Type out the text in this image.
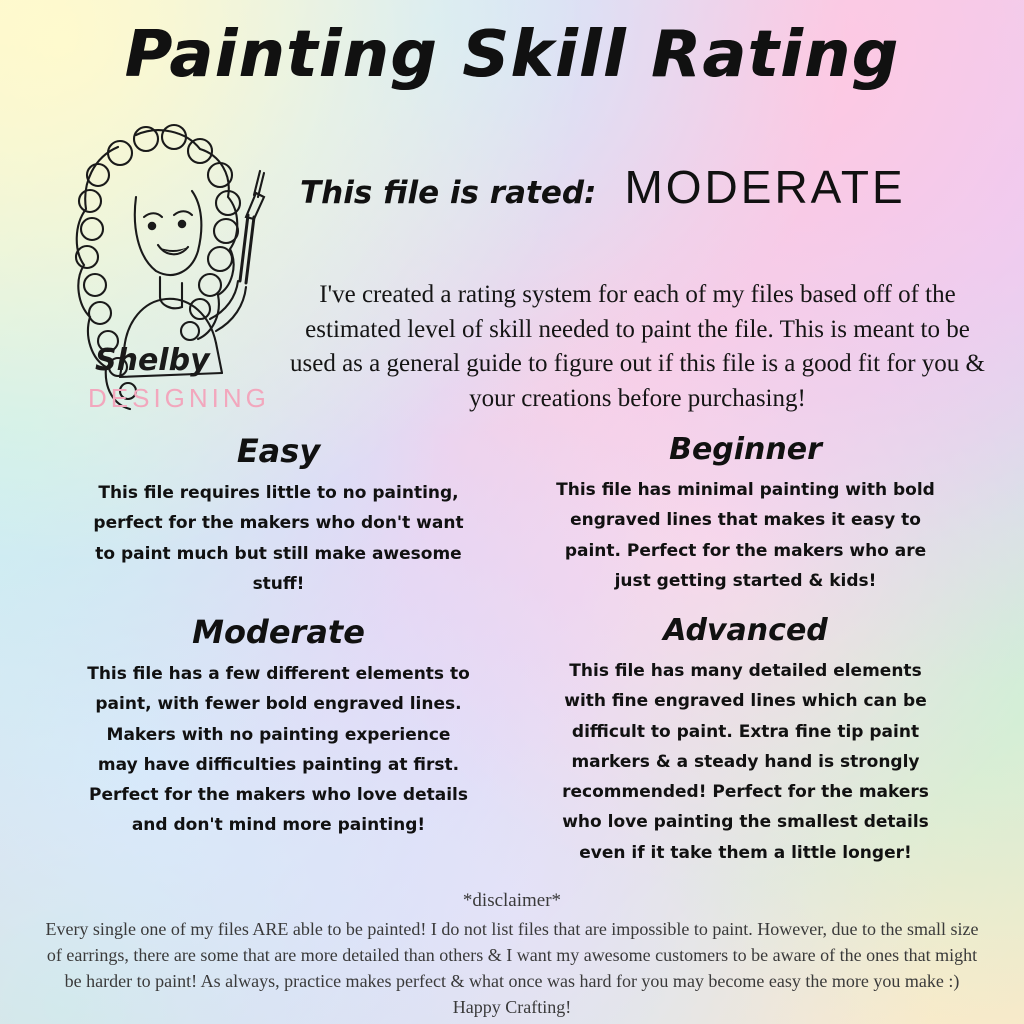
Painting Skill Rating
This file is rated: MODERATE
I've created a rating system for each of my files based off of the estimated level of skill needed to paint the file. This is meant to be used as a general guide to figure out if this file is a good fit for you & your creations before purchasing!
Shelby
DESIGNING
Easy
This file requires little to no painting, perfect for the makers who don't want to paint much but still make awesome stuff!
Beginner
This file has minimal painting with bold engraved lines that makes it easy to paint. Perfect for the makers who are just getting started & kids!
Moderate
This file has a few different elements to paint, with fewer bold engraved lines. Makers with no painting experience may have difficulties painting at first. Perfect for the makers who love details and don't mind more painting!
Advanced
This file has many detailed elements with fine engraved lines which can be difficult to paint. Extra fine tip paint markers & a steady hand is strongly recommended! Perfect for the makers who love painting the smallest details even if it take them a little longer!
*disclaimer*
Every single one of my files ARE able to be painted! I do not list files that are impossible to paint. However, due to the small size of earrings, there are some that are more detailed than others & I want my awesome customers to be aware of the ones that might be harder to paint! As always, practice makes perfect & what once was hard for you may become easy the more you make :) Happy Crafting!
